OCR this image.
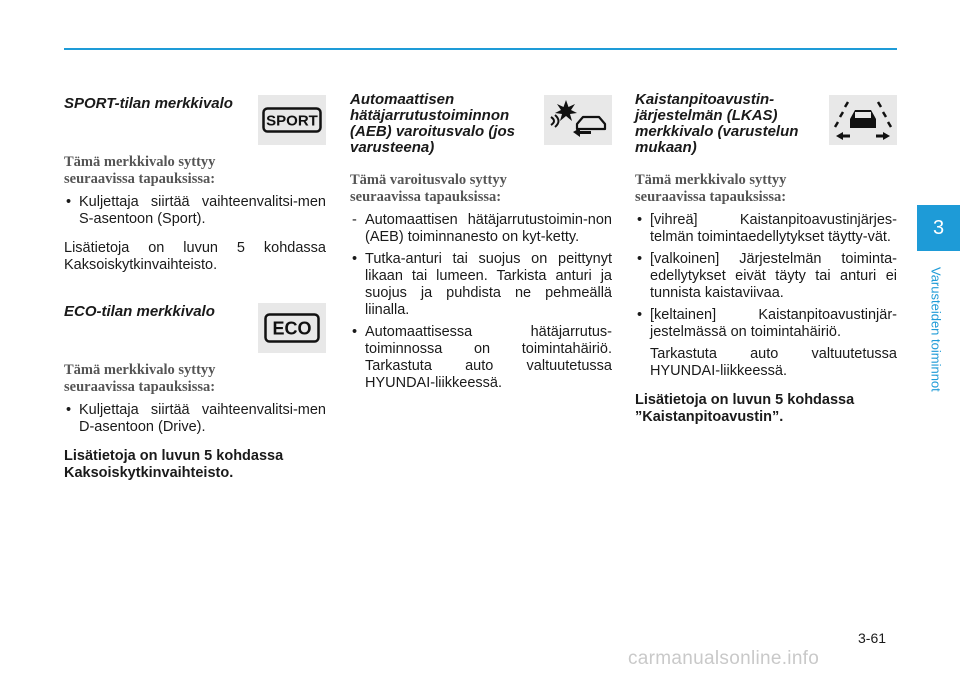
SPORT-tilan merkkivalo
SPORT

Tämä merkkivalo syttyy

seuraavissa tapauksissa:

• Kuljettaja siirtää vaihteenvalitsi-men S-asentoon (Sport).

Lisätietoja on luvun 5 kohdassa Kaksoiskytkinvaihteisto.

ECO-tilan merkkivalo
ECO

Tämä merkkivalo syttyy

seuraavissa tapauksissa:

• Kuljettaja siirtää vaihteenvalitsi-men D-asentoon (Drive).

Lisätietoja on luvun 5 kohdassa Kaksoiskytkinvaihteisto.

Automaattisen hätäjarrutustoiminnon (AEB) varoitusvalo (jos varusteena)

Tämä varoitusvalo syttyy

seuraavissa tapauksissa:

- Automaattisen hätäjarrutustoimin-non (AEB) toiminnanesto on kyt-ketty.
• Tutka-anturi tai suojus on peittynyt likaan tai lumeen. Tarkista anturi ja suojus ja puhdista ne pehmeällä liinalla.
• Automaattisessa hätäjarrutus-toiminnossa on toimintahäiriö. Tarkastuta auto valtuutetussa HYUNDAI-liikkeessä.
Kaistanpitoavustin-järjestelmän (LKAS) merkkivalo (varustelun mukaan)

Tämä merkkivalo syttyy

seuraavissa tapauksissa:

• [vihreä] Kaistanpitoavustinjärjes-telmän toimintaedellytykset täytty-vät.
• [valkoinen] Järjestelmän toiminta-edellytykset eivät täyty tai anturi ei tunnista kaistaviivaa.
• [keltainen] Kaistanpitoavustinjär-jestelmässä on toimintahäiriö.

Tarkastuta auto valtuutetussa HYUNDAI-liikkeessä.

Lisätietoja on luvun 5 kohdassa ”Kaistanpitoavustin”.

3
Varusteiden toiminnot
3-61
carmanualsonline.info
